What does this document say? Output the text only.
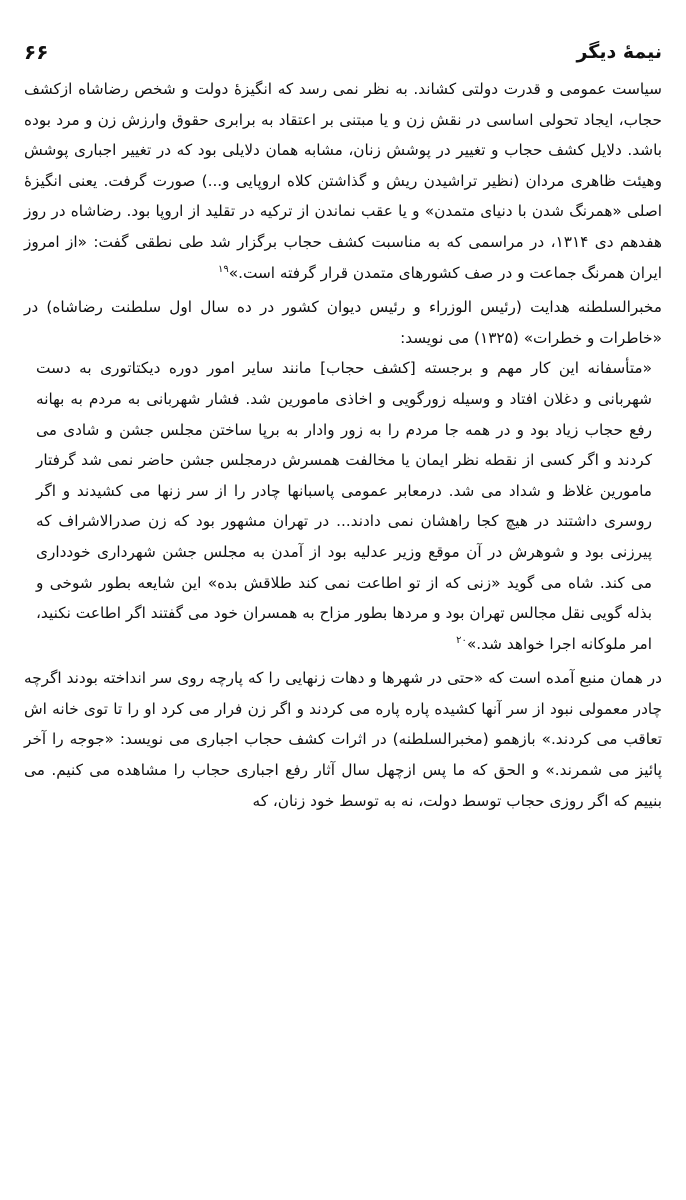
نیمهٔ دیگر
۶۶

سیاست عمومی و قدرت دولتی کشاند. به نظر نمی رسد که انگیزهٔ دولت و شخص رضاشاه ازکشف حجاب، ایجاد تحولی اساسی در نقش زن و یا مبتنی بر اعتقاد به برابری حقوق وارزش زن و مرد بوده باشد. دلایل کشف حجاب و تغییر در پوشش زنان، مشابه همان دلایلی بود که در تغییر اجباری پوشش وهیئت ظاهری مردان (نظیر تراشیدن ریش و گذاشتن کلاه اروپایی و...) صورت گرفت. یعنی انگیزهٔ اصلی «همرنگ شدن با دنیای متمدن» و یا عقب نماندن از ترکیه در تقلید از اروپا بود. رضاشاه در روز هفدهم دی ۱۳۱۴، در مراسمی که به مناسبت کشف حجاب برگزار شد طی نطقی گفت: «از امروز ایران همرنگ جماعت و در صف کشورهای متمدن قرار گرفته است.»$^{۱۹}$

مخبرالسلطنه هدایت (رئیس الوزراء و رئیس دیوان کشور در ده سال اول سلطنت رضاشاه) در «خاطرات و خطرات» (۱۳۲۵) می نویسد:

«متأسفانه این کار مهم و برجسته [کشف حجاب] مانند سایر امور دوره دیکتاتوری به دست شهربانی و دغلان افتاد و وسیله زورگویی و اخاذی مامورین شد. فشار شهربانی به مردم به بهانه رفع حجاب زیاد بود و در همه جا مردم را به زور وادار به برپا ساختن مجلس جشن و شادی می کردند و اگر کسی از نقطه نظر ایمان یا مخالفت همسرش درمجلس جشن حاضر نمی شد گرفتار مامورین غلاظ و شداد می شد. درمعابر عمومی پاسبانها چادر را از سر زنها می کشیدند و اگر روسری داشتند در هیچ کجا راهشان نمی دادند... در تهران مشهور بود که زن صدرالاشراف که پیرزنی بود و شوهرش در آن موقع وزیر عدلیه بود از آمدن به مجلس جشن شهرداری خودداری می کند. شاه می گوید «زنی که از تو اطاعت نمی کند طلاقش بده» این شایعه بطور شوخی و بذله گویی نقل مجالس تهران بود و مردها بطور مزاح به همسران خود می گفتند اگر اطاعت نکنید، امر ملوکانه اجرا خواهد شد.»$^{۲۰}$

در همان منبع آمده است که «حتی در شهرها و دهات زنهایی را که پارچه روی سر انداخته بودند اگرچه چادر معمولی نبود از سر آنها کشیده پاره پاره می کردند و اگر زن فرار می کرد او را تا توی خانه اش تعاقب می کردند.» بازهمو (مخبرالسلطنه) در اثرات کشف حجاب اجباری می نویسد: «جوجه را آخر پائیز می شمرند.» و الحق که ما پس ازچهل سال آثار رفع اجباری حجاب را مشاهده می کنیم. می بنییم که اگر روزی حجاب توسط دولت، نه به توسط خود زنان، که
